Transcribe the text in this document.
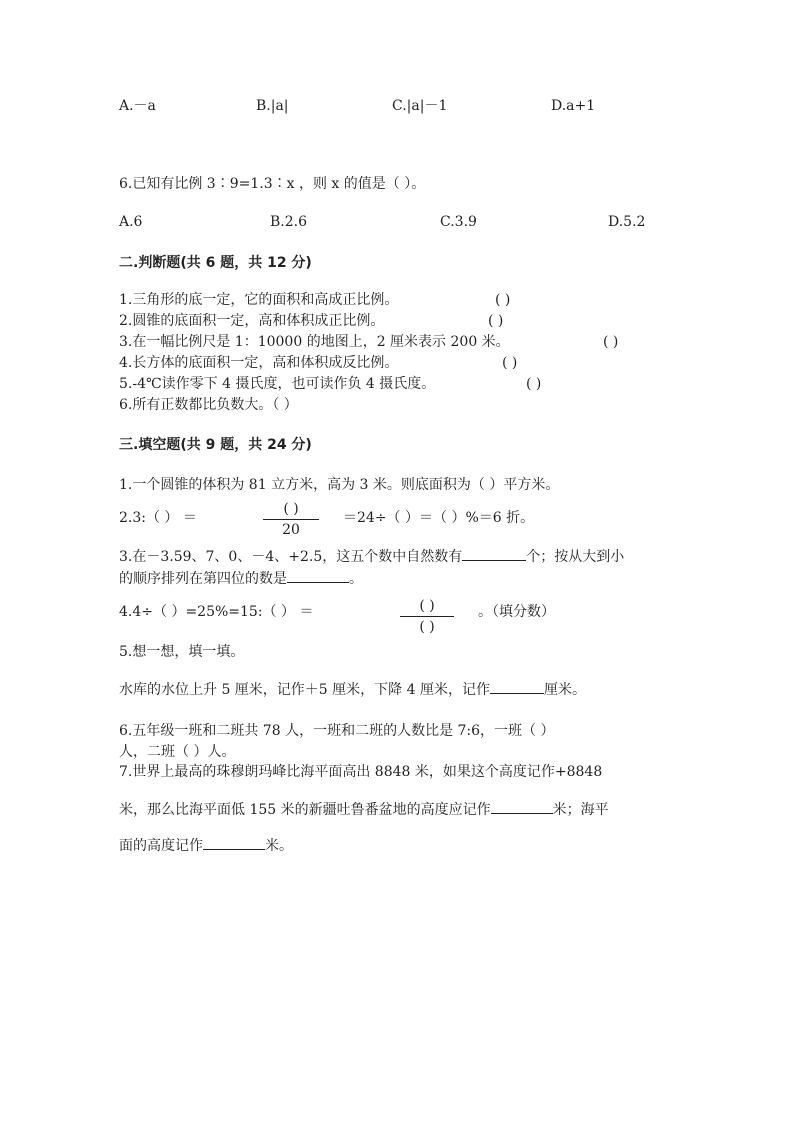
A.－a	B.|a|	C.|a|－1	D.a+1
6.已知有比例 3∶9=1.3∶x ，则 x 的值是（ ）。
A.6	B.2.6	C.3.9	D.5.2
二.判断题(共 6 题，共 12 分)
1.三角形的底一定，它的面积和高成正比例。	( )
2.圆锥的底面积一定，高和体积成正比例。	( )
3.在一幅比例尺是 1：10000 的地图上，2 厘米表示 200 米。	( )
4.长方体的底面积一定，高和体积成反比例。	( )
5.-4℃读作零下 4 摄氏度，也可读作负 4 摄氏度。	( )
6.所有正数都比负数大。（ ）
三.填空题(共 9 题，共 24 分)
1.一个圆锥的体积为 81 立方米，高为 3 米。则底面积为（ ）平方米。
2.3:（ ） ＝
( )
20
＝24÷（ ）＝（ ）%＝6 折。
3.在－3.59、7、0、－4、+2.5，这五个数中自然数有	个；按从大到小
的顺序排列在第四位的数是	。
4.4÷（ ）=25%=15:（ ） ＝	( )
( )
。（填分数）
5.想一想，填一填。
水库的水位上升 5 厘米，记作＋5 厘米，下降 4 厘米，记作	厘米。
6.五年级一班和二班共 78 人，一班和二班的人数比是 7:6，一班（ ）
人，二班（ ）人。
7.世界上最高的珠穆朗玛峰比海平面高出 8848 米，如果这个高度记作+8848
米，那么比海平面低 155 米的新疆吐鲁番盆地的高度应记作	米；海平
面的高度记作	米。
